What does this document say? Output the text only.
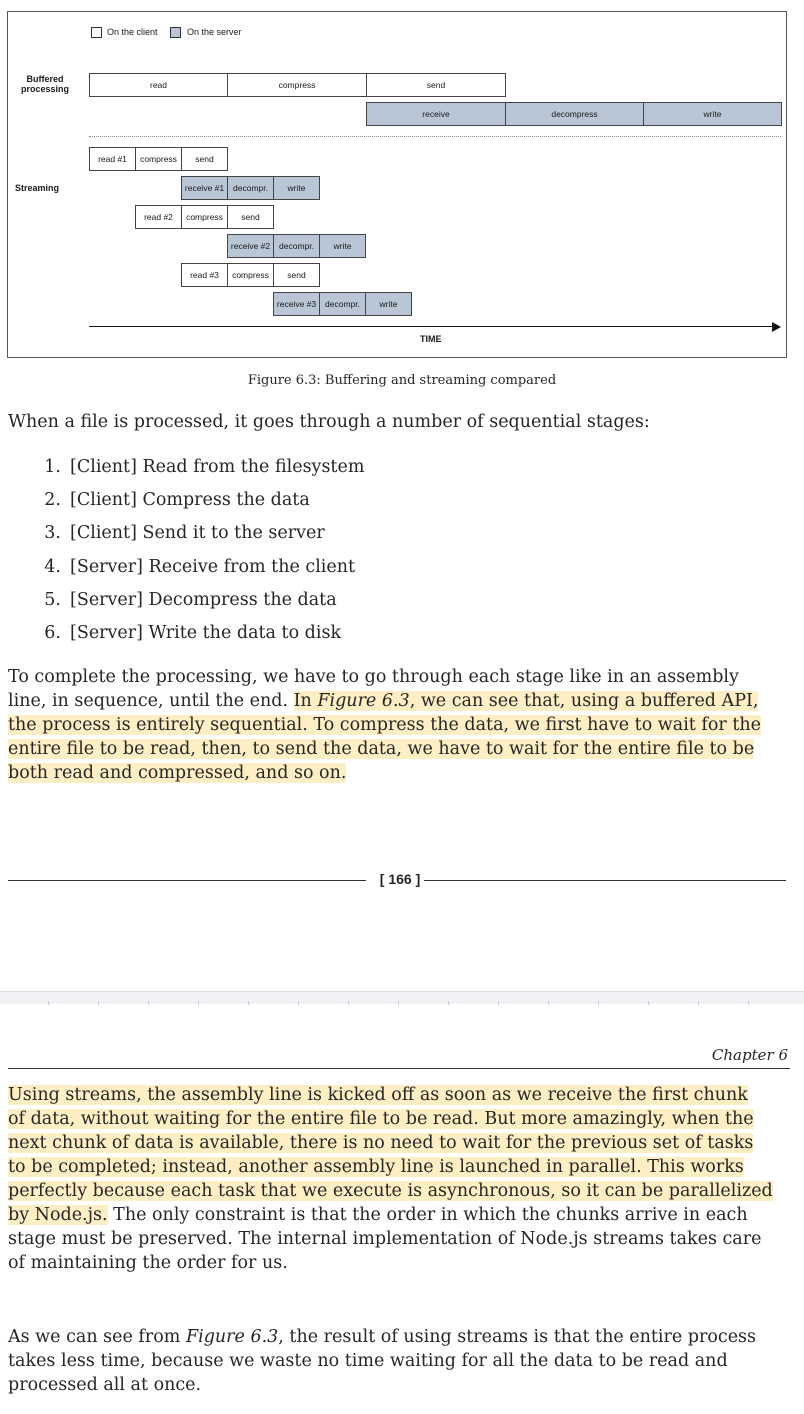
On the client	On the server
Buffered
processing	read	compress	send
receive	decompress	write
Streaming
read #1	compress	send
receive #1	decompr.	write
read #2	compress	send
receive #2	decompr.	write
read #3	compress	send
receive #3	decompr.	write
TIME
Figure 6.3: Buffering and streaming compared

When a file is processed, it goes through a number of sequential stages:

1. [Client] Read from the filesystem
2. [Client] Compress the data
3. [Client] Send it to the server
4. [Server] Receive from the client
5. [Server] Decompress the data
6. [Server] Write the data to disk
To complete the processing, we have to go through each stage like in an assembly
line, in sequence, until the end. In Figure 6.3, we can see that, using a buffered API,
the process is entirely sequential. To compress the data, we first have to wait for the
entire file to be read, then, to send the data, we have to wait for the entire file to be
both read and compressed, and so on.
[ 166 ]
Chapter 6
Using streams, the assembly line is kicked off as soon as we receive the first chunk
of data, without waiting for the entire file to be read. But more amazingly, when the
next chunk of data is available, there is no need to wait for the previous set of tasks
to be completed; instead, another assembly line is launched in parallel. This works
perfectly because each task that we execute is asynchronous, so it can be parallelized
by Node.js. The only constraint is that the order in which the chunks arrive in each
stage must be preserved. The internal implementation of Node.js streams takes care
of maintaining the order for us.
As we can see from Figure 6.3, the result of using streams is that the entire process
takes less time, because we waste no time waiting for all the data to be read and
processed all at once.
